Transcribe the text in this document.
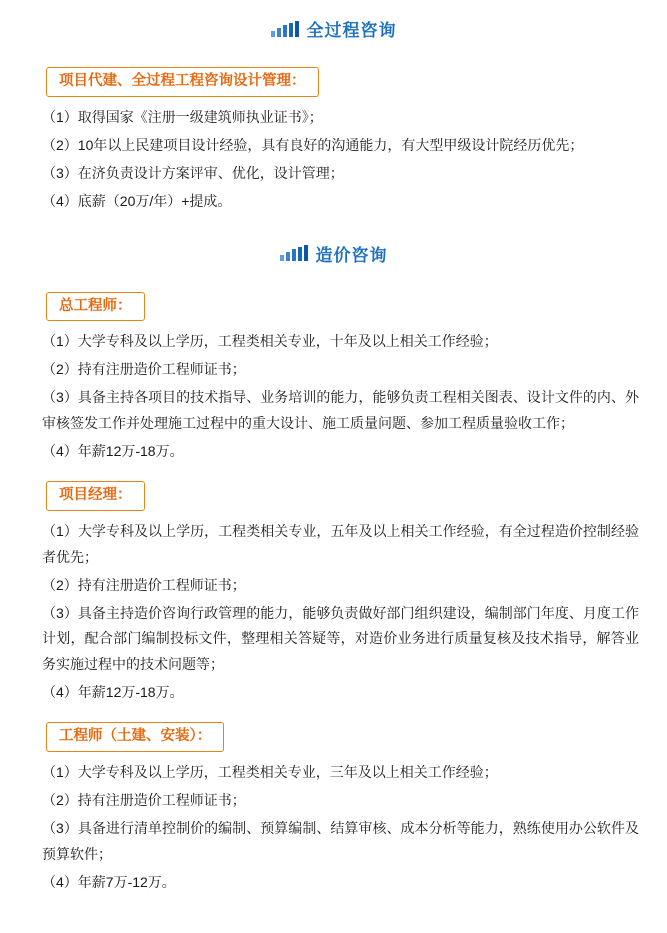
全过程咨询
项目代建、全过程工程咨询设计管理：

（1）取得国家《注册一级建筑师执业证书》；

（2）10年以上民建项目设计经验，具有良好的沟通能力，有大型甲级设计院经历优先；

（3）在济负责设计方案评审、优化，设计管理；

（4）底薪（20万/年）+提成。

造价咨询
总工程师：

（1）大学专科及以上学历，工程类相关专业，十年及以上相关工作经验；

（2）持有注册造价工程师证书；

（3）具备主持各项目的技术指导、业务培训的能力，能够负责工程相关图表、设计文件的内、外审核签发工作并处理施工过程中的重大设计、施工质量问题、参加工程质量验收工作；

（4）年薪12万-18万。

项目经理：

（1）大学专科及以上学历，工程类相关专业，五年及以上相关工作经验，有全过程造价控制经验者优先；

（2）持有注册造价工程师证书；

（3）具备主持造价咨询行政管理的能力，能够负责做好部门组织建设，编制部门年度、月度工作计划，配合部门编制投标文件，整理相关答疑等，对造价业务进行质量复核及技术指导，解答业务实施过程中的技术问题等；

（4）年薪12万-18万。

工程师（土建、安装）：

（1）大学专科及以上学历，工程类相关专业，三年及以上相关工作经验；

（2）持有注册造价工程师证书；

（3）具备进行清单控制价的编制、预算编制、结算审核、成本分析等能力，熟练使用办公软件及预算软件；

（4）年薪7万-12万。
